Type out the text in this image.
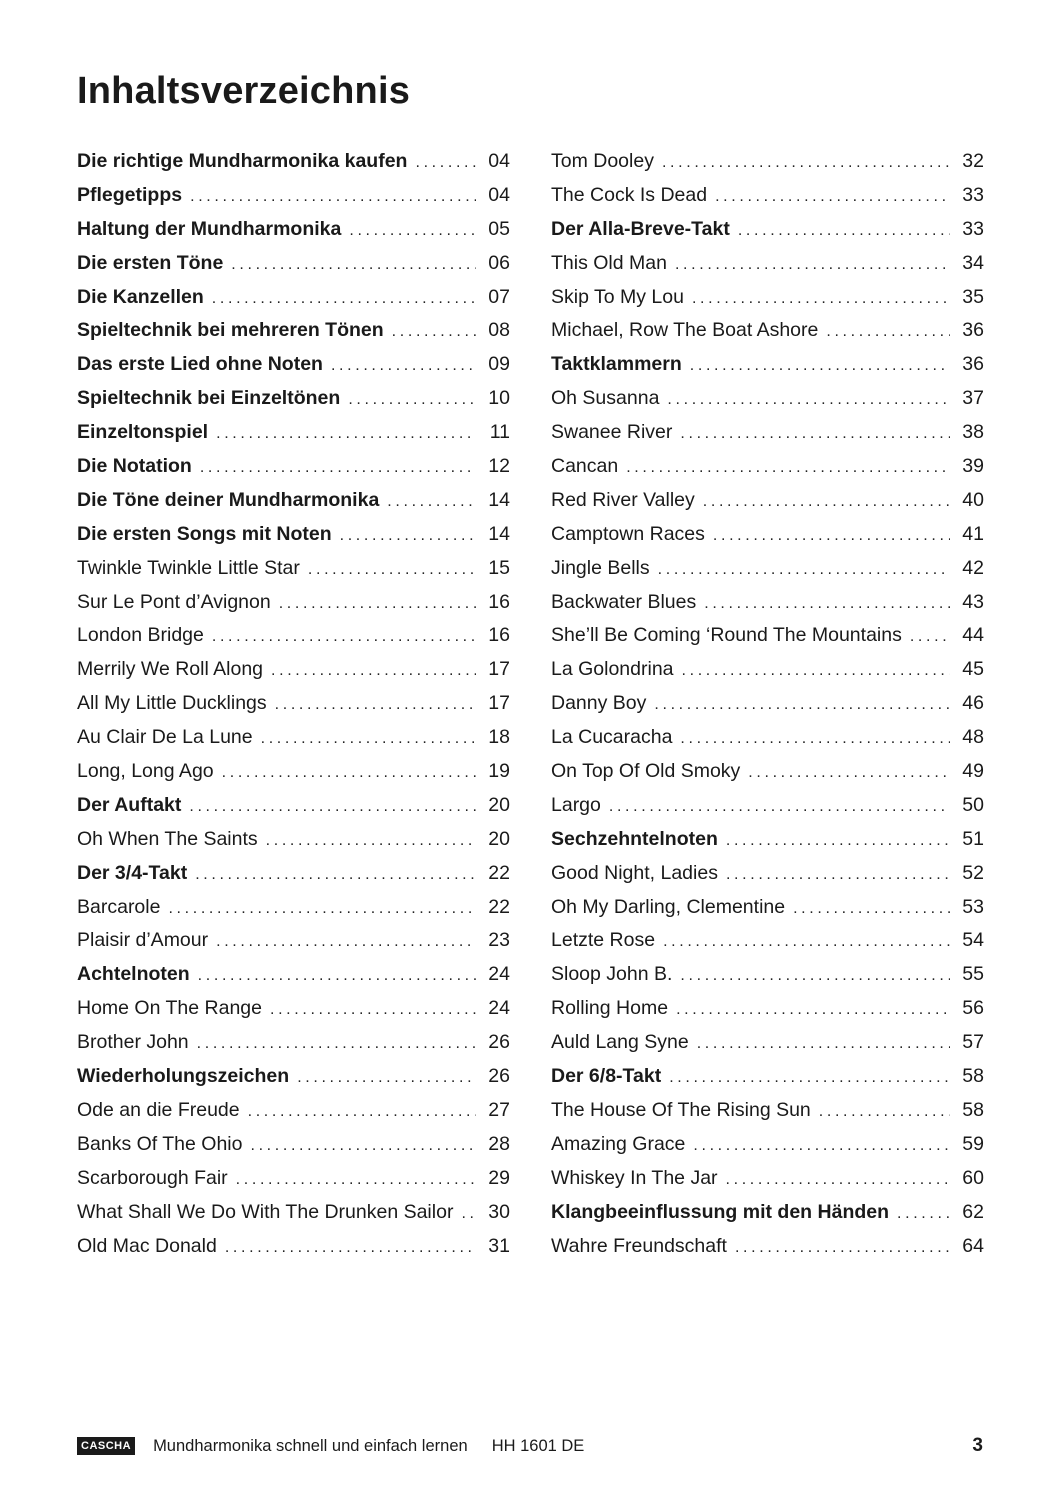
Inhaltsverzeichnis
Die richtige Mundharmonika kaufen . . .	04
Pflegetipps . . .	04
Haltung der Mundharmonika . . .	05
Die ersten Töne . . .	06
Die Kanzellen . . .	07
Spieltechnik bei mehreren Tönen . . .	08
Das erste Lied ohne Noten . . .	09
Spieltechnik bei Einzeltönen . . .	10
Einzeltonspiel . . .	11
Die Notation . . .	12
Die Töne deiner Mundharmonika . . .	14
Die ersten Songs mit Noten . . .	14
Twinkle Twinkle Little Star . . .	15
Sur Le Pont d’Avignon . . .	16
London Bridge . . .	16
Merrily We Roll Along . . .	17
All My Little Ducklings . . .	17
Au Clair De La Lune . . .	18
Long, Long Ago . . .	19
Der Auftakt . . .	20
Oh When The Saints . . .	20
Der 3/4-Takt . . .	22
Barcarole . . .	22
Plaisir d’Amour . . .	23
Achtelnoten . . .	24
Home On The Range . . .	24
Brother John . . .	26
Wiederholungszeichen . . .	26
Ode an die Freude . . .	27
Banks Of The Ohio . . .	28
Scarborough Fair . . .	29
What Shall We Do With The Drunken Sailor . . . 30
Old Mac Donald . . .	31
Tom Dooley . . .	32
The Cock Is Dead . . .	33
Der Alla-Breve-Takt . . .	33
This Old Man . . .	34
Skip To My Lou . . .	35
Michael, Row The Boat Ashore . . .	36
Taktklammern . . .	36
Oh Susanna . . .	37
Swanee River . . .	38
Cancan . . .	39
Red River Valley . . .	40
Camptown Races . . .	41
Jingle Bells . . .	42
Backwater Blues . . .	43
She’ll Be Coming ‘Round The Mountains . . .	44
La Golondrina . . .	45
Danny Boy . . .	46
La Cucaracha . . .	48
On Top Of Old Smoky . . .	49
Largo . . .	50
Sechzehntelnoten . . .	51
Good Night, Ladies . . .	52
Oh My Darling, Clementine . . .	53
Letzte Rose . . .	54
Sloop John B. . . .	55
Rolling Home . . .	56
Auld Lang Syne . . .	57
Der 6/8-Takt . . .	58
The House Of The Rising Sun . . .	58
Amazing Grace . . .	59
Whiskey In The Jar . . .	60
Klangbeeinflussung mit den Händen . . .	62
Wahre Freundschaft . . .	64
CASCHA Mundharmonika schnell und einfach lernen HH 1601 DE	3
